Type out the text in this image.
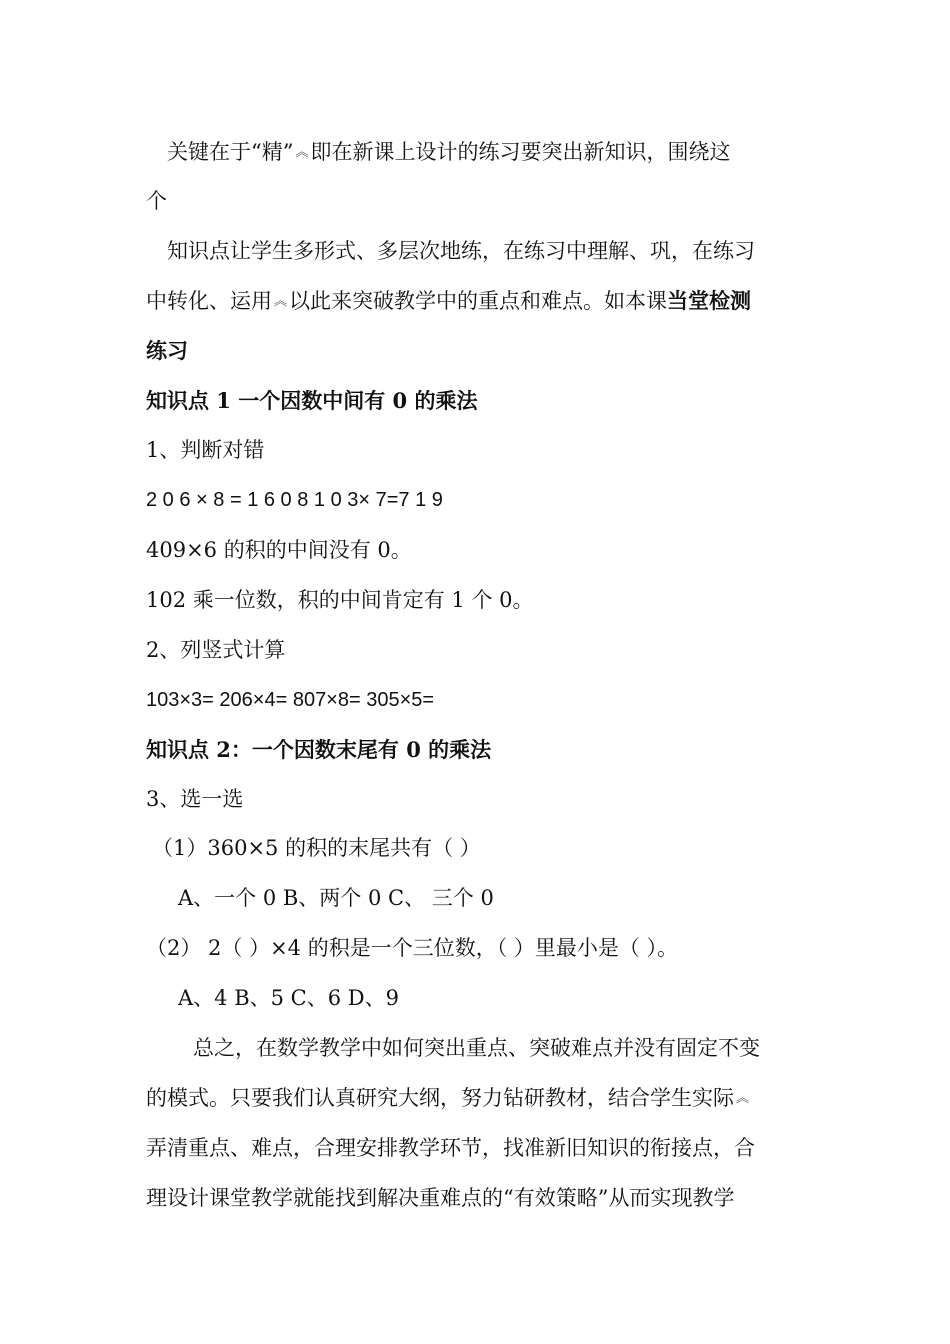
关键在于“精” ︽即在新课上设计的练习要突出新知识，围绕这
个
知识点让学生多形式、多层次地练，在练习中理解、巩，在练习
中转化、运用 ︽以此来突破教学中的重点和难点。如本课当堂检测
练习
知识点 1 一个因数中间有 0 的乘法
1、判断对错
2 0 6 × 8 = 1 6 0 8 1 0 3× 7=7 1 9
409×6 的积的中间没有 0。
102 乘一位数，积的中间肯定有 1 个 0。
2、列竖式计算
103×3= 206×4= 807×8= 305×5=
知识点 2：一个因数末尾有 0 的乘法
3、选一选
（1）360×5 的积的末尾共有（ ）
A、一个 0 B、两个 0 C、 三个 0
（2） 2（ ）×4 的积是一个三位数，（ ）里最小是（ ）。
A、4 B、5 C、6 D、9
总之，在数学教学中如何突出重点、突破难点并没有固定不变
的模式。只要我们认真研究大纲，努力钻研教材，结合学生实际 ︽
弄清重点、难点，合理安排教学环节，找准新旧知识的衔接点，合
理设计课堂教学就能找到解决重难点的“有效策略”从而实现教学
